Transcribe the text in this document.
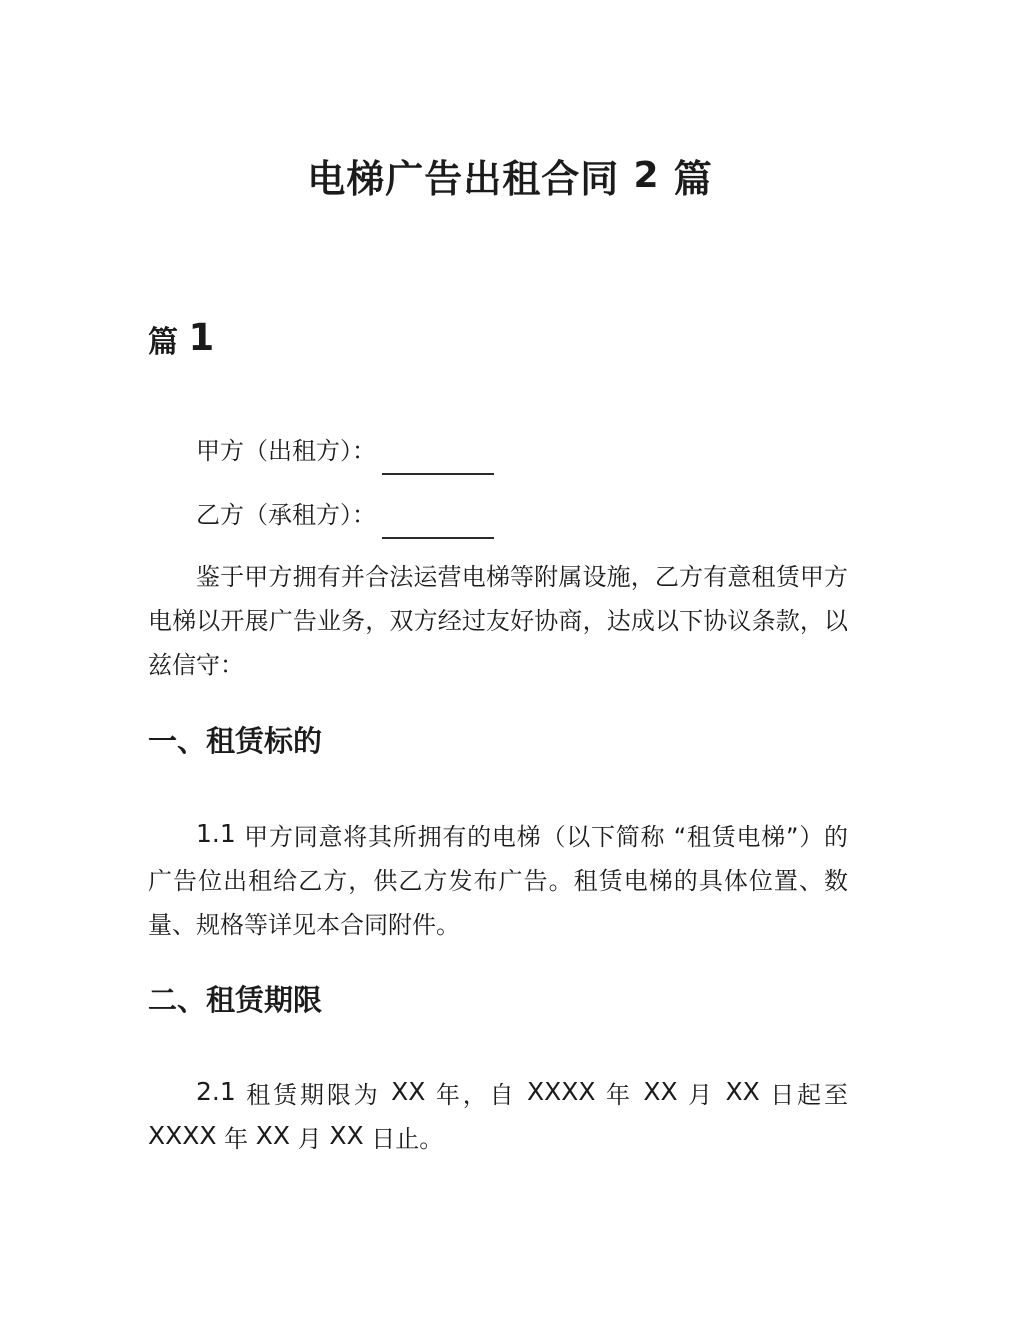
电梯广告出租合同 2 篇
篇 1

甲方（出租方）：

乙方（承租方）：

鉴于甲方拥有并合法运营电梯等附属设施，乙方有意租赁甲方电梯以开展广告业务，双方经过友好协商，达成以下协议条款，以兹信守：

一、租赁标的

1.1 甲方同意将其所拥有的电梯（以下简称 “租赁电梯”）的广告位出租给乙方，供乙方发布广告。租赁电梯的具体位置、数量、规格等详见本合同附件。

二、租赁期限

2.1 租赁期限为 XX 年，自 XXXX 年 XX 月 XX 日起至 XXXX 年 XX 月 XX 日止。
